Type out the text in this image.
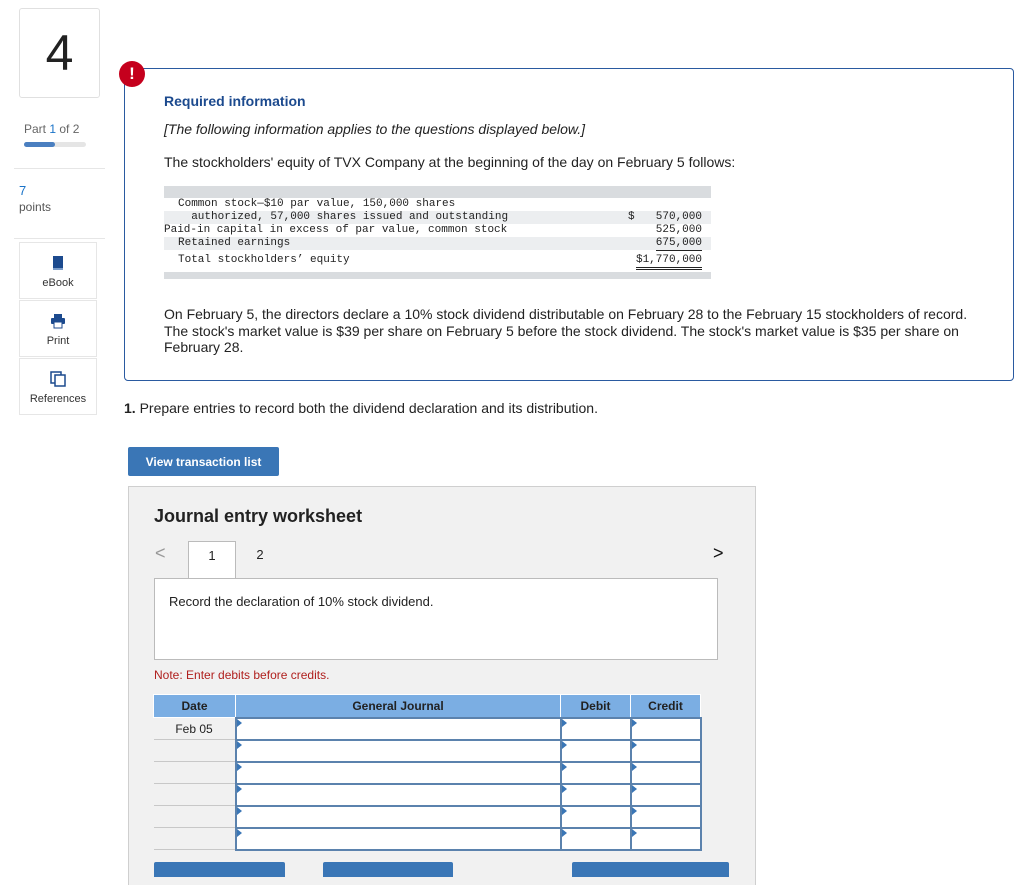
4
Part 1 of 2
7
points
eBook
Print
References
!
Required information
[The following information applies to the questions displayed below.]
The stockholders' equity of TVX Company at the beginning of the day on February 5 follows:
Common stock—$10 par value, 150,000 shares
authorized, 57,000 shares issued and outstanding	$ 570,000
Paid-in capital in excess of par value, common stock	525,000
Retained earnings	675,000
Total stockholders’ equity	$1,770,000
On February 5, the directors declare a 10% stock dividend distributable on February 28 to the February 15 stockholders of record. The stock's market value is $39 per share on February 5 before the stock dividend. The stock's market value is $35 per share on February 28.
1. Prepare entries to record both the dividend declaration and its distribution.
View transaction list
Journal entry worksheet
<	>
1	2
Record the declaration of 10% stock dividend.
Note: Enter debits before credits.
Date	General Journal	Debit	Credit
Feb 05			
